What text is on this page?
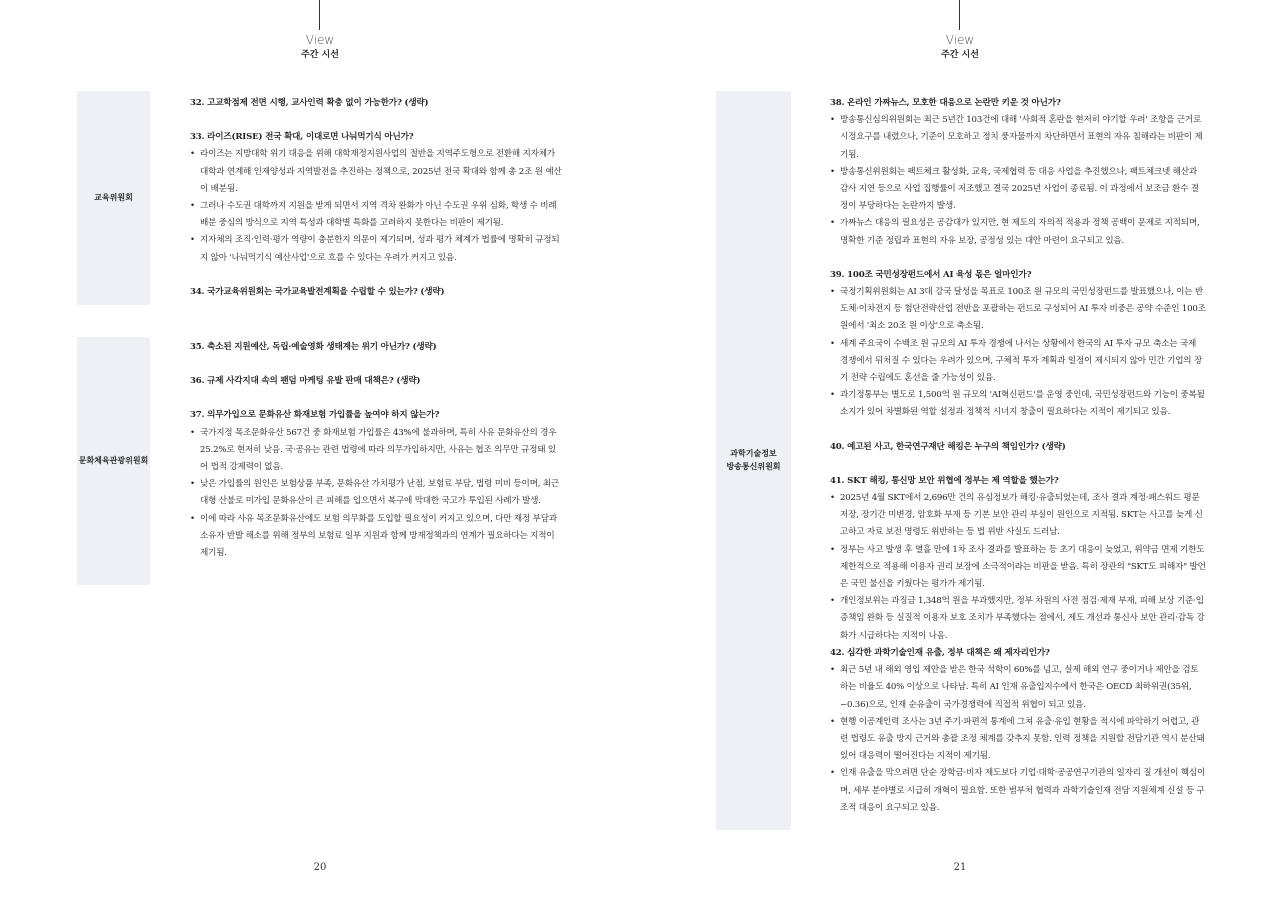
View
주간 시선
교육위원회
문화체육관광위원회

32. 고교학점제 전면 시행, 교사인력 확충 없이 가능한가? (생략)

33. 라이즈(RISE) 전국 확대, 이대로면 나눠먹기식 아닌가?

• 라이즈는 지방대학 위기 대응을 위해 대학재정지원사업의 절반을 지역주도형으로 전환해 지자체가 대학과 연계해 인재양성과 지역발전을 추진하는 정책으로, 2025년 전국 확대와 함께 총 2조 원 예산이 배분됨.
• 그러나 수도권 대학까지 지원을 받게 되면서 지역 격차 완화가 아닌 수도권 우위 심화, 학생 수 비례 배분 중심의 방식으로 지역 특성과 대학별 특화를 고려하지 못한다는 비판이 제기됨.
• 지자체의 조직·인력·평가 역량이 충분한지 의문이 제기되며, 성과 평가 체계가 법률에 명확히 규정되지 않아 '나눠먹기식 예산사업'으로 흐를 수 있다는 우려가 커지고 있음.

34. 국가교육위원회는 국가교육발전계획을 수립할 수 있는가? (생략)

35. 축소된 지원예산, 독립·예술영화 생태계는 위기 아닌가? (생략)

36. 규제 사각지대 속의 팬덤 마케팅 유발 판매 대책은? (생략)

37. 의무가입으로 문화유산 화재보험 가입률을 높여야 하지 않는가?

• 국가지정 목조문화유산 567건 중 화재보험 가입률은 43%에 불과하며, 특히 사유 문화유산의 경우 25.2%로 현저히 낮음. 국·공유는 관련 법령에 따라 의무가입하지만, 사유는 협조 의무만 규정돼 있어 법적 강제력이 없음.
• 낮은 가입률의 원인은 보험상품 부족, 문화유산 가치평가 난점, 보험료 부담, 법령 미비 등이며, 최근 대형 산불로 미가입 문화유산이 큰 피해를 입으면서 복구에 막대한 국고가 투입된 사례가 발생.
• 이에 따라 사유 목조문화유산에도 보험 의무화를 도입할 필요성이 커지고 있으며, 다만 재정 부담과 소유자 반발 해소를 위해 정부의 보험료 일부 지원과 함께 방재정책과의 연계가 필요하다는 지적이 제기됨.
20
View
주간 시선
과학기술정보
방송통신위원회

38. 온라인 가짜뉴스, 모호한 대응으로 논란만 키운 것 아닌가?

• 방송통신심의위원회는 최근 5년간 103건에 대해 '사회적 혼란을 현저히 야기할 우려' 조항을 근거로 시정요구를 내렸으나, 기준이 모호하고 정치 풍자물까지 차단하면서 표현의 자유 침해라는 비판이 제기됨.
• 방송통신위원회는 팩트체크 활성화, 교육, 국제협력 등 대응 사업을 추진했으나, 팩트체크넷 해산과 감사 지연 등으로 사업 집행률이 저조했고 결국 2025년 사업이 종료됨. 이 과정에서 보조금 환수 결정이 부당하다는 논란까지 발생.
• 가짜뉴스 대응의 필요성은 공감대가 있지만, 현 제도의 자의적 적용과 정책 공백이 문제로 지적되며, 명확한 기준 정립과 표현의 자유 보장, 공정성 있는 대안 마련이 요구되고 있음.

39. 100조 국민성장펀드에서 AI 육성 몫은 얼마인가?

• 국정기획위원회는 AI 3대 강국 달성을 목표로 100조 원 규모의 국민성장펀드를 발표했으나, 이는 반도체·이차전지 등 첨단전략산업 전반을 포괄하는 펀드로 구성되어 AI 투자 비중은 공약 수준인 100조 원에서 '최소 20조 원 이상'으로 축소됨.
• 세계 주요국이 수백조 원 규모의 AI 투자 경쟁에 나서는 상황에서 한국의 AI 투자 규모 축소는 국제 경쟁에서 뒤처질 수 있다는 우려가 있으며, 구체적 투자 계획과 일정이 제시되지 않아 민간 기업의 장기 전략 수립에도 혼선을 줄 가능성이 있음.
• 과기정통부는 별도로 1,500억 원 규모의 'AI혁신펀드'를 운영 중인데, 국민성장펀드와 기능이 중복될 소지가 있어 차별화된 역할 설정과 정책적 시너지 창출이 필요하다는 지적이 제기되고 있음.

40. 예고된 사고, 한국연구재단 해킹은 누구의 책임인가? (생략)

41. SKT 해킹, 통신망 보안 위협에 정부는 제 역할을 했는가?

• 2025년 4월 SKT에서 2,696만 건의 유심정보가 해킹·유출되었는데, 조사 결과 계정·패스워드 평문 저장, 장기간 미변경, 암호화 부재 등 기본 보안 관리 부실이 원인으로 지적됨. SKT는 사고를 늦게 신고하고 자료 보전 명령도 위반하는 등 법 위반 사실도 드러남.
• 정부는 사고 발생 후 열흘 만에 1차 조사 결과를 발표하는 등 초기 대응이 늦었고, 위약금 면제 기한도 제한적으로 적용해 이용자 권리 보장에 소극적이라는 비판을 받음. 특히 장관의 "SKT도 피해자" 발언은 국민 불신을 키웠다는 평가가 제기됨.
• 개인정보위는 과징금 1,348억 원을 부과했지만, 정부 차원의 사전 점검·제재 부재, 피해 보상 기준·입증책임 완화 등 실질적 이용자 보호 조치가 부족했다는 점에서, 제도 개선과 통신사 보안 관리·감독 강화가 시급하다는 지적이 나옴.

42. 심각한 과학기술인재 유출, 정부 대책은 왜 제자리인가?

• 최근 5년 내 해외 영입 제안을 받은 한국 석학이 60%를 넘고, 실제 해외 연구 중이거나 제안을 검토하는 비율도 40% 이상으로 나타남. 특히 AI 인재 유출입지수에서 한국은 OECD 최하위권(35위, −0.36)으로, 인재 순유출이 국가경쟁력에 직접적 위협이 되고 있음.
• 현행 이공계인력 조사는 3년 주기·파편적 통계에 그쳐 유출·유입 현황을 적시에 파악하기 어렵고, 관련 법령도 유출 방지 근거와 총괄 조정 체계를 갖추지 못함. 인력 정책을 지원할 전담기관 역시 분산돼 있어 대응력이 떨어진다는 지적이 제기됨.
• 인재 유출을 막으려면 단순 장학금·비자 제도보다 기업·대학·공공연구기관의 일자리 질 개선이 핵심이며, 세부 분야별로 시급히 개혁이 필요함. 또한 범부처 협력과 과학기술인재 전담 지원체계 신설 등 구조적 대응이 요구되고 있음.
21
